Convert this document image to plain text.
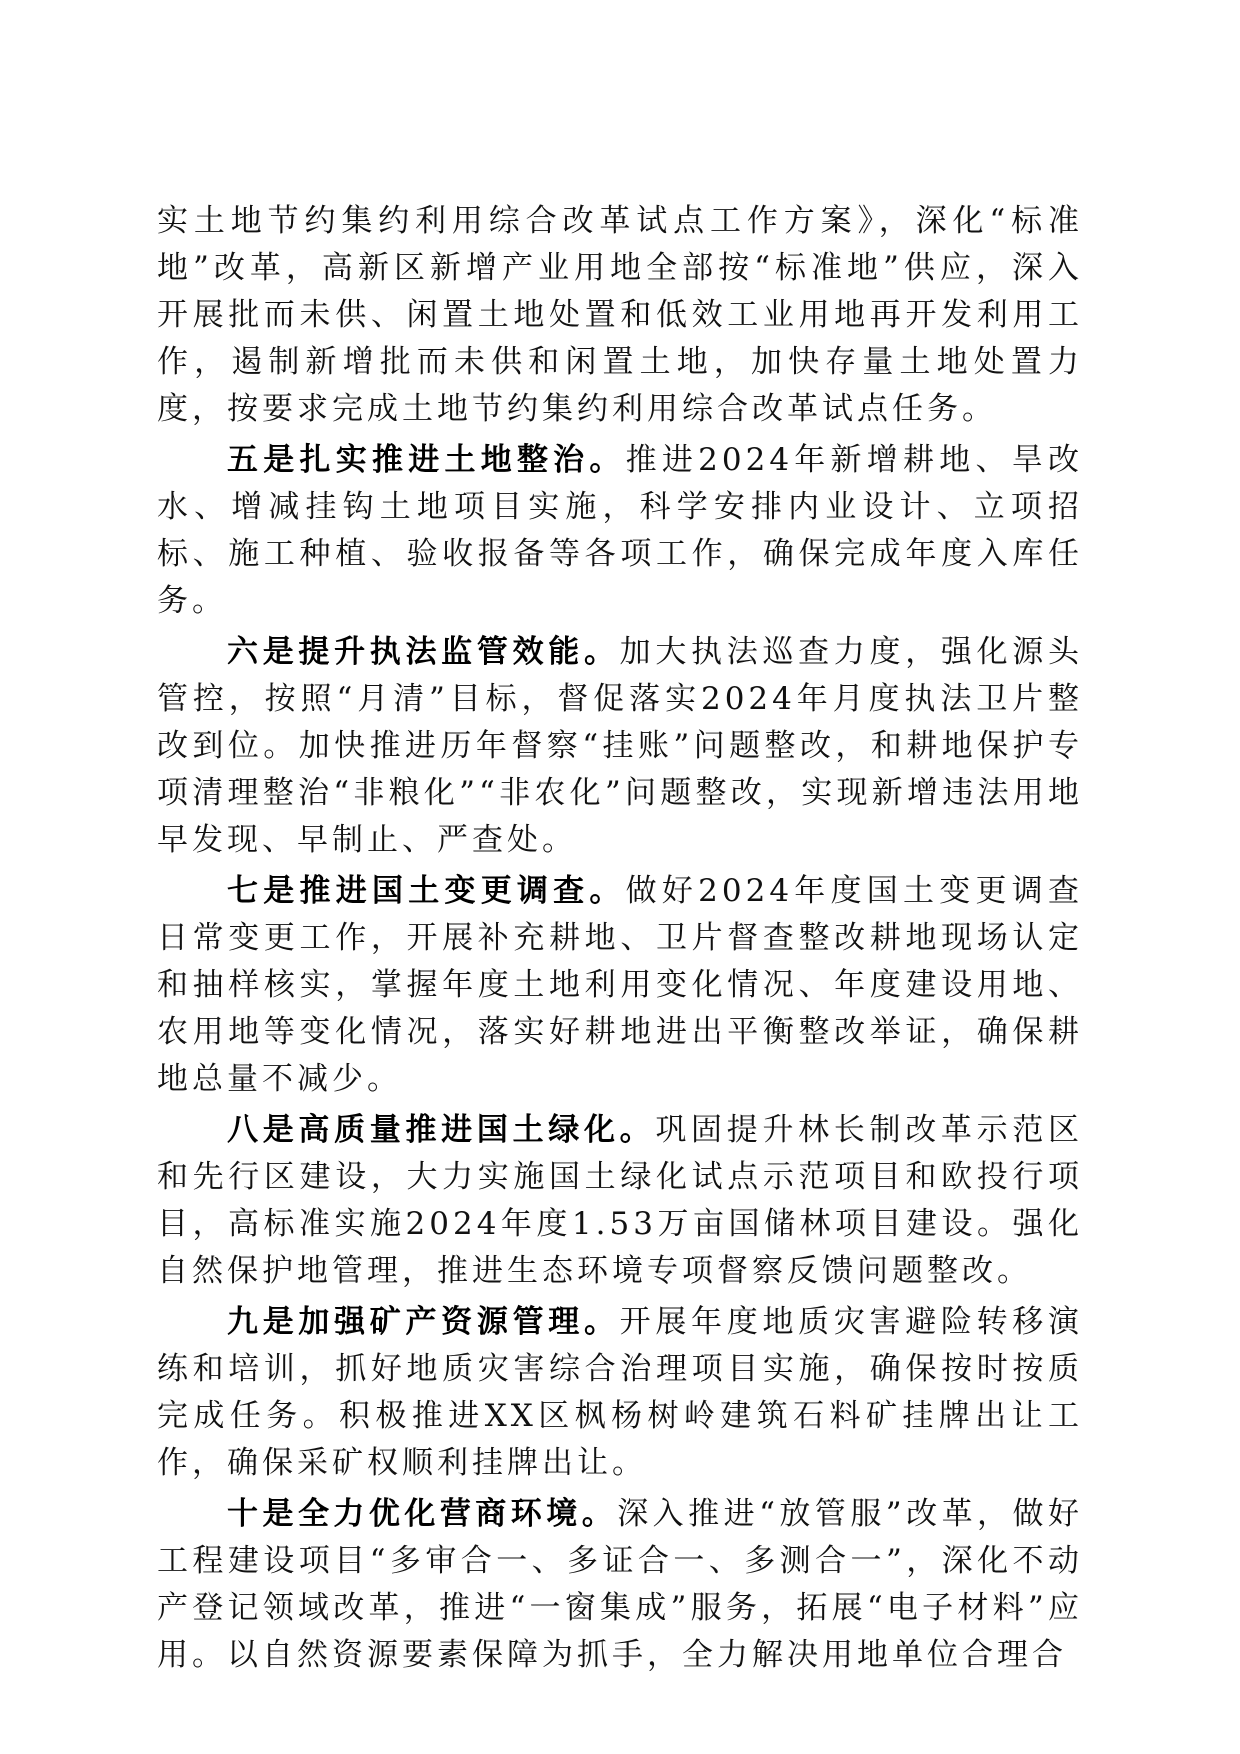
实土地节约集约利用综合改革试点工作方案》，深化“标准地”改革，高新区新增产业用地全部按“标准地”供应，深入开展批而未供、闲置土地处置和低效工业用地再开发利用工作，遏制新增批而未供和闲置土地，加快存量土地处置力度，按要求完成土地节约集约利用综合改革试点任务。

五是扎实推进土地整治。推进2024年新增耕地、旱改水、增减挂钩土地项目实施，科学安排内业设计、立项招标、施工种植、验收报备等各项工作，确保完成年度入库任务。

六是提升执法监管效能。加大执法巡查力度，强化源头管控，按照“月清”目标，督促落实2024年月度执法卫片整改到位。加快推进历年督察“挂账”问题整改，和耕地保护专项清理整治“非粮化”“非农化”问题整改，实现新增违法用地早发现、早制止、严查处。

七是推进国土变更调查。做好2024年度国土变更调查日常变更工作，开展补充耕地、卫片督查整改耕地现场认定和抽样核实，掌握年度土地利用变化情况、年度建设用地、农用地等变化情况，落实好耕地进出平衡整改举证，确保耕地总量不减少。

八是高质量推进国土绿化。巩固提升林长制改革示范区和先行区建设，大力实施国土绿化试点示范项目和欧投行项目，高标准实施2024年度1.53万亩国储林项目建设。强化自然保护地管理，推进生态环境专项督察反馈问题整改。

九是加强矿产资源管理。开展年度地质灾害避险转移演练和培训，抓好地质灾害综合治理项目实施，确保按时按质完成任务。积极推进XX区枫杨树岭建筑石料矿挂牌出让工作，确保采矿权顺利挂牌出让。

十是全力优化营商环境。深入推进“放管服”改革，做好工程建设项目“多审合一、多证合一、多测合一”，深化不动产登记领域改革，推进“一窗集成”服务，拓展“电子材料”应用。以自然资源要素保障为抓手，全力解决用地单位合理合
